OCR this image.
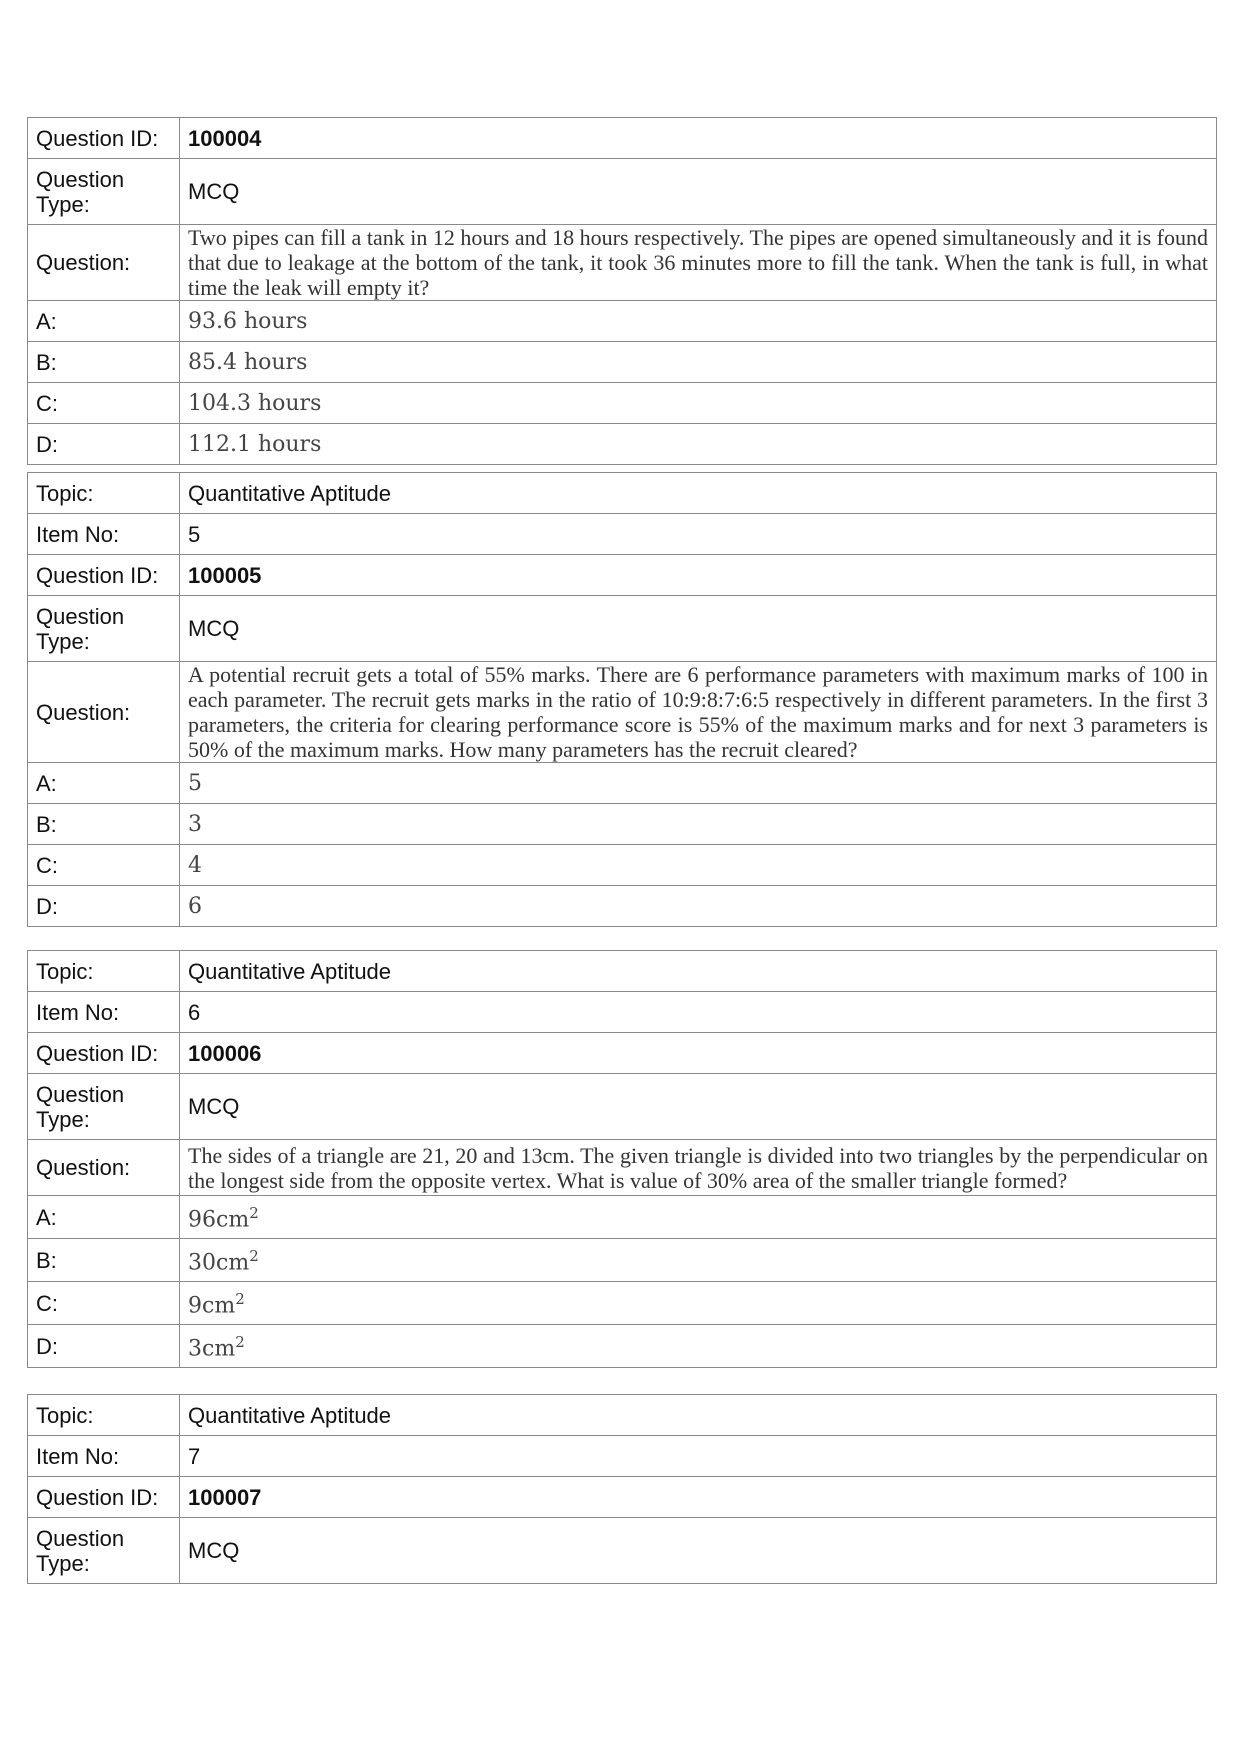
Question ID:	100004
Question
Type:	MCQ
Question:	Two pipes can fill a tank in 12 hours and 18 hours respectively. The pipes are opened simultaneously and it is found that due to leakage at the bottom of the tank, it took 36 minutes more to fill the tank. When the tank is full, in what time the leak will empty it?
A:	93.6 hours
B:	85.4 hours
C:	104.3 hours
D:	112.1 hours
Topic:	Quantitative Aptitude
Item No:	5
Question ID:	100005
Question
Type:	MCQ
Question:	A potential recruit gets a total of 55% marks. There are 6 performance parameters with maximum marks of 100 in each parameter. The recruit gets marks in the ratio of 10:9:8:7:6:5 respectively in different parameters. In the first 3 parameters, the criteria for clearing performance score is 55% of the maximum marks and for next 3 parameters is 50% of the maximum marks. How many parameters has the recruit cleared?
A:	5
B:	3
C:	4
D:	6
Topic:	Quantitative Aptitude
Item No:	6
Question ID:	100006
Question
Type:	MCQ
Question:	The sides of a triangle are 21, 20 and 13cm. The given triangle is divided into two triangles by the perpendicular on the longest side from the opposite vertex. What is value of 30% area of the smaller triangle formed?
A:	$96cm^2$
B:	$30cm^2$
C:	$9cm^2$
D:	$3cm^2$
Topic:	Quantitative Aptitude
Item No:	7
Question ID:	100007
Question
Type:	MCQ
